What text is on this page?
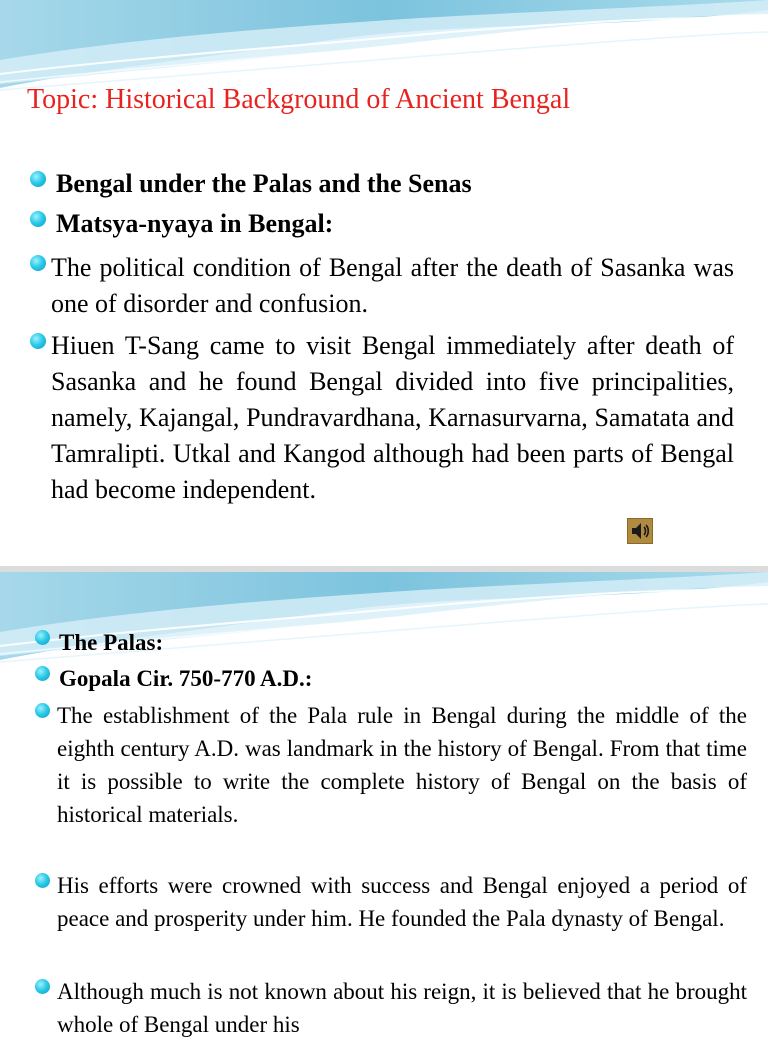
Topic: Historical Background of Ancient Bengal
Bengal under the Palas and the Senas
Matsya-nyaya in Bengal:
The political condition of Bengal after the death of Sasanka was one of disorder and confusion.
Hiuen T-Sang came to visit Bengal immediately after death of Sasanka and he found Bengal divided into five principalities, namely, Kajangal, Pundravardhana, Karnasurvarna, Samatata and Tamralipti. Utkal and Kangod although had been parts of Bengal had become independent.
The Palas:
Gopala Cir. 750-770 A.D.:
The establishment of the Pala rule in Bengal during the middle of the eighth century A.D. was landmark in the history of Bengal. From that time it is possible to write the complete history of Bengal on the basis of historical materials.
His efforts were crowned with success and Bengal enjoyed a period of peace and prosperity under him. He founded the Pala dynasty of Bengal.
Although much is not known about his reign, it is believed that he brought whole of Bengal under his
